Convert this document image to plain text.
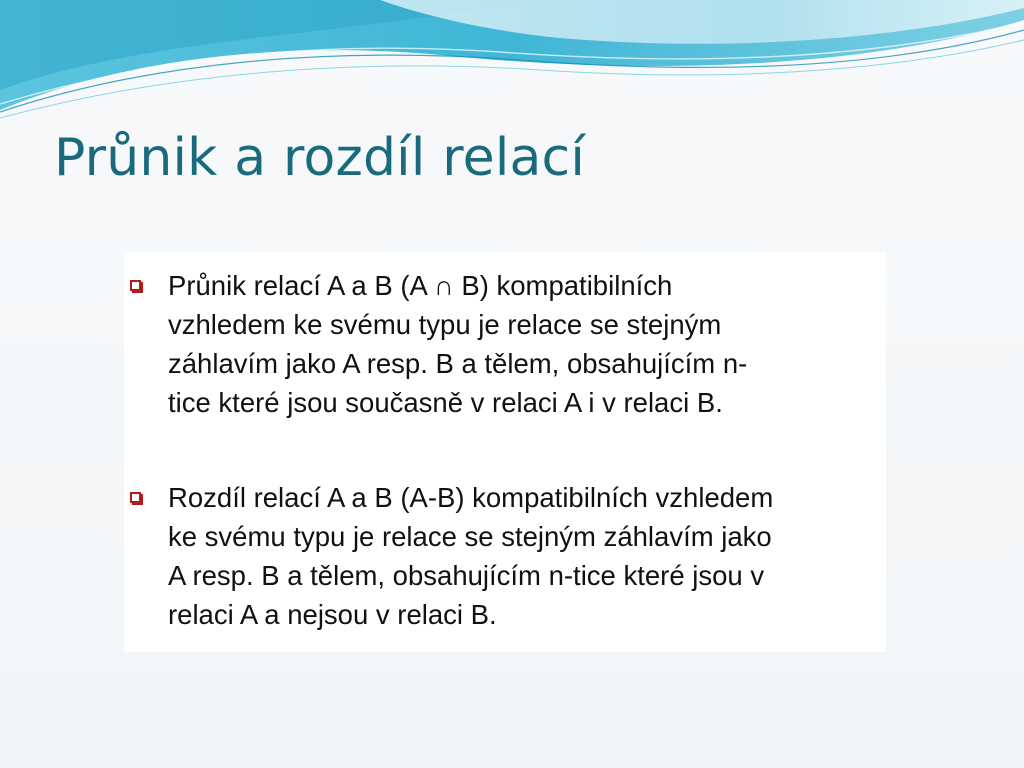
Průnik a rozdíl relací

Průnik relací A a B (A ∩ B) kompatibilních
vzhledem ke svému typu je relace se stejným
záhlavím jako A resp. B a tělem, obsahujícím n-
tice které jsou současně v relaci A i v relaci B.

Rozdíl relací A a B (A-B) kompatibilních vzhledem
ke svému typu je relace se stejným záhlavím jako
A resp. B a tělem, obsahujícím n-tice které jsou v
relaci A a nejsou v relaci B.
